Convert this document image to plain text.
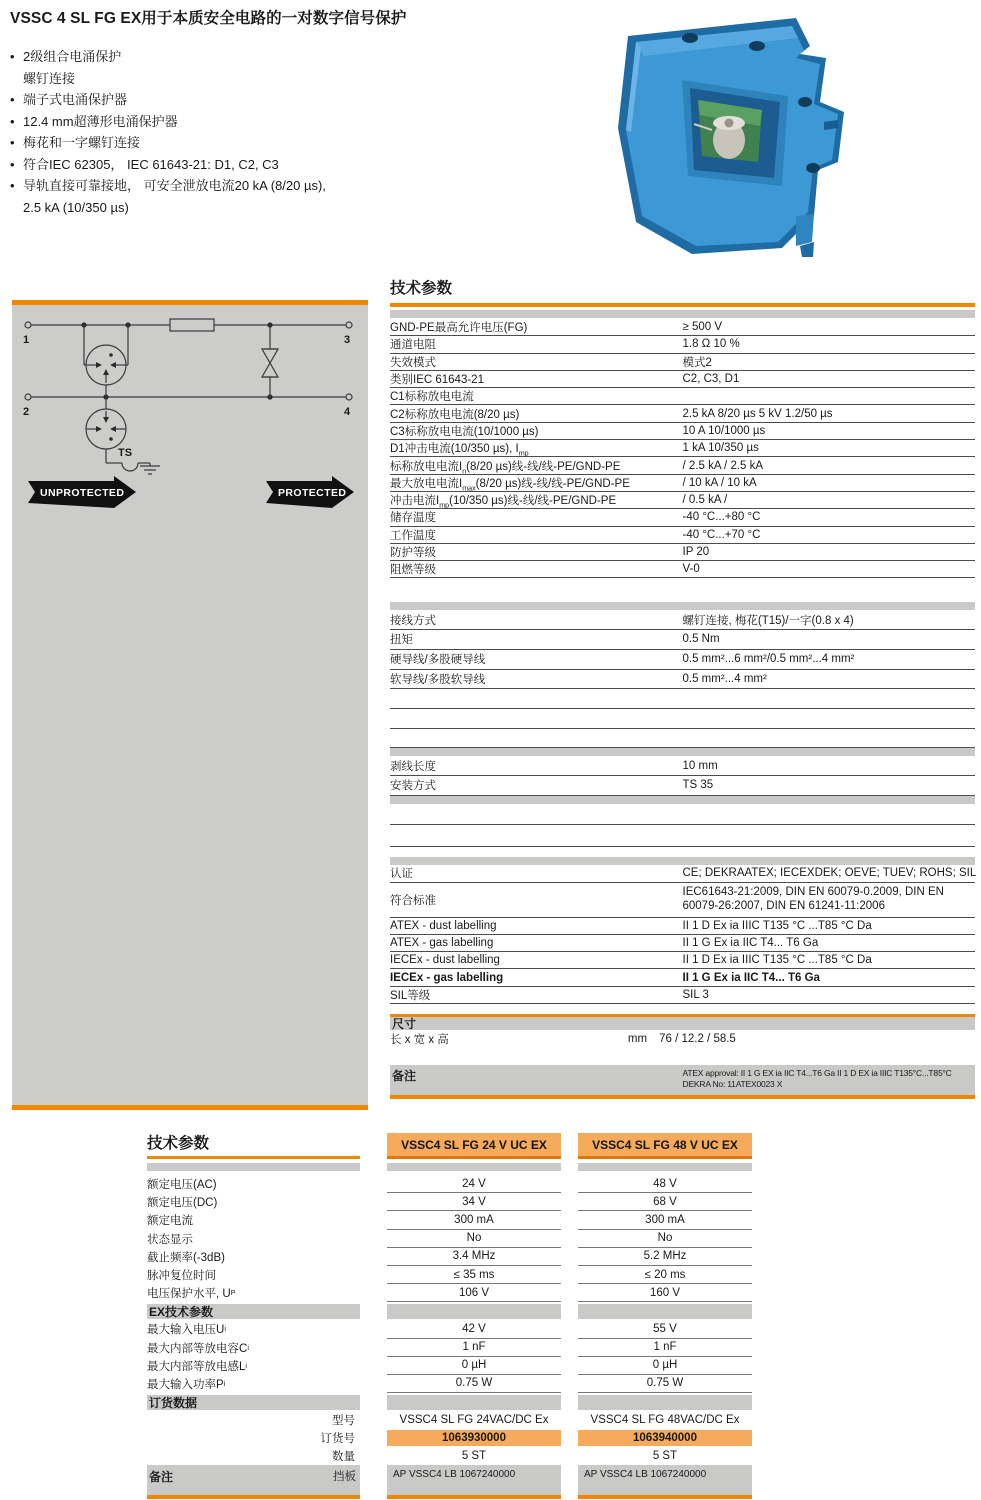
VSSC 4 SL FG EX用于本质安全电路的一对数字信号保护
• 2级组合电涌保护
螺钉连接
• 端子式电涌保护器
• 12.4 mm超薄形电涌保护器
• 梅花和一字螺钉连接
• 符合IEC 62305， IEC 61643-21: D1, C2, C3
• 导轨直接可靠接地， 可安全泄放电流20 kA (8/20 µs),
2.5 kA (10/350 µs)
1
2
3
4
TS
UNPROTECTED	PROTECTED
技术参数
GND-PE最高允许电压(FG)	≥ 500 V
通道电阻	1.8 Ω 10 %
失效模式	模式2
类别IEC 61643-21	C2, C3, D1
C1标称放电电流
C2标称放电电流(8/20 µs)	2.5 kA 8/20 µs 5 kV 1.2/50 µs
C3标称放电电流(10/1000 µs)	10 A 10/1000 µs
D1冲击电流(10/350 µs), $I_{mp}$	1 kA 10/350 µs
标称放电电流$I_n(8/20$ µs)线-线/线-PE/GND-PE	/ 2.5 kA / 2.5 kA
最大放电电流$I_{max}(8/20$ µs)线-线/线-PE/GND-PE	/ 10 kA / 10 kA
冲击电流$I_{mp}(10/350$ µs)线-线/线-PE/GND-PE	/ 0.5 kA /
储存温度	-40 °C...+80 °C
工作温度	-40 °C...+70 °C
防护等级	IP 20
阻燃等级	V-0
接线方式	螺钉连接, 梅花(T15)/一字(0.8 x 4)
扭矩	0.5 Nm
硬导线/多股硬导线	0.5 mm²...6 mm²/0.5 mm²...4 mm²
软导线/多股软导线	0.5 mm²...4 mm²
剥线长度	10 mm
安装方式	TS 35
认证	CE; DEKRAATEX; IECEXDEK; OEVE; TUEV; ROHS; SIL
符合标准
IEC61643-21:2009, DIN EN 60079-0.2009, DIN EN 60079-26:2007, DIN EN 61241-11:2006
ATEX - dust labelling	II 1 D Ex ia IIIC T135 °C ...T85 °C Da
ATEX - gas labelling	II 1 G Ex ia IIC T4... T6 Ga
IECEx - dust labelling	II 1 D Ex ia IIIC T135 °C ...T85 °C Da
IECEx - gas labelling	II 1 G Ex ia IIC T4... T6 Ga
SIL等级	SIL 3
尺寸
长 x 宽 x 高	mm	76 / 12.2 / 58.5
备注	ATEX approval: II 1 G EX ia IIC T4...T6 Ga II 1 D EX ia IIIC T135°C...T85°C
DEKRA No: 11ATEX0023 X
技术参数	VSSC4 SL FG 24 V UC EX	VSSC4 SL FG 48 V UC EX
额定电压(AC)	24 V	48 V
额定电压(DC)	34 V	68 V
额定电流	300 mA	300 mA
状态显示	No	No
截止频率(-3dB)	3.4 MHz	5.2 MHz
脉冲复位时间	≤ 35 ms	≤ 20 ms
电压保护水平, U P	106 V	160 V
EX技术参数
最大输入电压U i	42 V	55 V
最大内部等放电容C i	1 nF	1 nF
最大内部等放电感L i	0 µH	0 µH
最大输入功率P i	0.75 W	0.75 W
订货数据
型号	VSSC4 SL FG 24VAC/DC Ex	VSSC4 SL FG 48VAC/DC Ex
订货号	1063930000	1063940000
数量	5 ST	5 ST
备注	挡板	AP VSSC4 LB 1067240000	AP VSSC4 LB 1067240000
